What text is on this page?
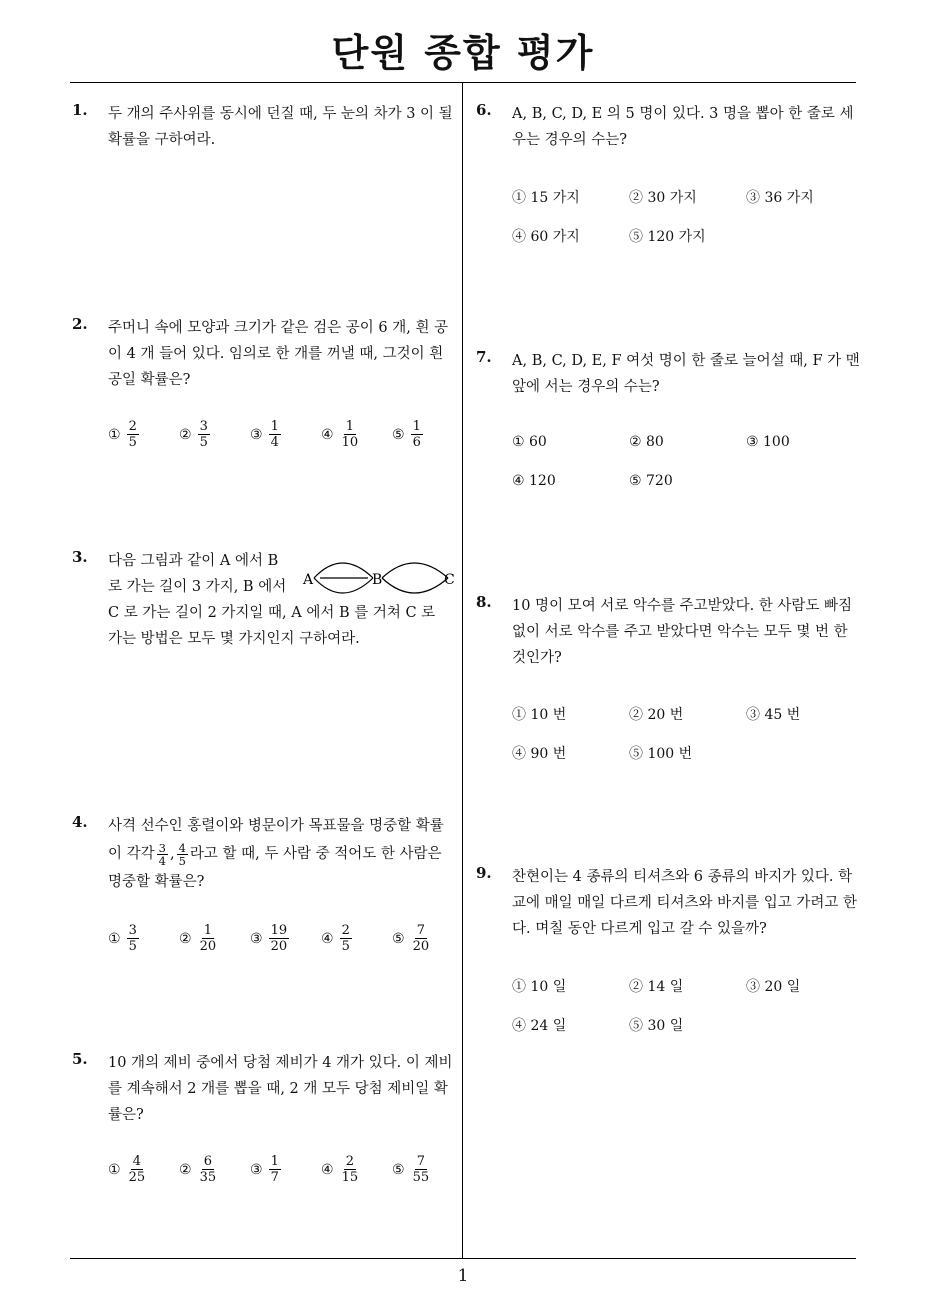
단원 종합 평가
1
1. 두 개의 주사위를 동시에 던질 때, 두 눈의 차가 3 이 될 확률을 구하여라.
2. 주머니 속에 모양과 크기가 같은 검은 공이 6 개, 흰 공이 4 개 들어 있다. 임의로 한 개를 꺼낼 때, 그것이 흰 공일 확률은?
① $\frac{2}{5}$	② $\frac{3}{5}$	③ $\frac{1}{4}$	④ $\frac{1}{10}$ ⑤ $\frac{1}{6}$
3. 다음 그림과 같이 A 에서 B
로 가는 길이 3 가지, B 에서
C 로 가는 길이 2 가지일 때, A 에서 B 를 거쳐 C 로
가는 방법은 모두 몇 가지인지 구하여라.
A	B	C
4. 사격 선수인 홍렬이와 병문이가 목표물을 명중할 확률
이 각각 $\frac{3}{4}$ , $\frac{4}{5}$ 라고 할 때, 두 사람 중 적어도 한 사람은
명중할 확률은?
① $\frac{3}{5}$	② $\frac{1}{20}$ ③ $\frac{19}{20}$ ④ $\frac{2}{5}$	⑤ $\frac{7}{20}$
5. 10 개의 제비 중에서 당첨 제비가 4 개가 있다. 이 제비를 계속해서 2 개를 뽑을 때, 2 개 모두 당첨 제비일 확률은?
① $\frac{4}{25}$ ② $\frac{6}{35}$ ③ $\frac{1}{7}$	④ $\frac{2}{15}$ ⑤ $\frac{7}{55}$
6. A, B, C, D, E 의 5 명이 있다. 3 명을 뽑아 한 줄로 세우는 경우의 수는?
① 15 가지	② 30 가지	③ 36 가지
④ 60 가지	⑤ 120 가지
7. A, B, C, D, E, F 여섯 명이 한 줄로 늘어설 때, F 가 맨 앞에 서는 경우의 수는?
① 60	② 80	③ 100
④ 120	⑤ 720
8. 10 명이 모여 서로 악수를 주고받았다. 한 사람도 빠짐없이 서로 악수를 주고 받았다면 악수는 모두 몇 번 한 것인가?
① 10 번	② 20 번	③ 45 번
④ 90 번	⑤ 100 번
9. 찬현이는 4 종류의 티셔츠와 6 종류의 바지가 있다. 학교에 매일 매일 다르게 티셔츠와 바지를 입고 가려고 한다. 며칠 동안 다르게 입고 갈 수 있을까?
① 10 일	② 14 일	③ 20 일
④ 24 일	⑤ 30 일
